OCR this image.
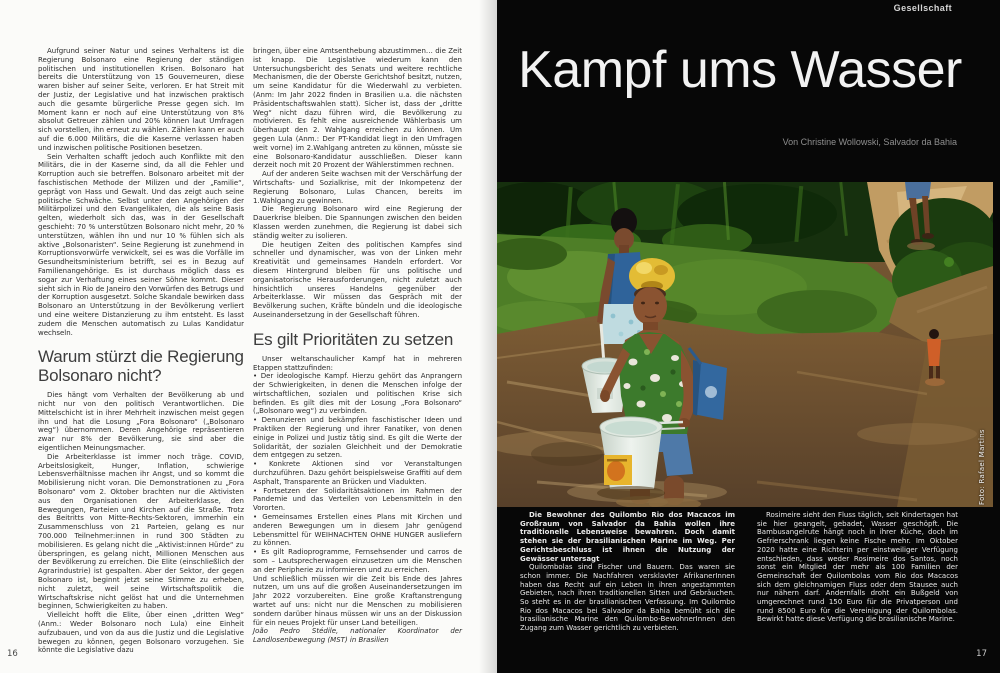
Aufgrund seiner Natur und seines Verhaltens ist die Regierung Bolsonaro eine Regierung der ständigen politischen und institutionellen Krisen. Bolsonaro hat bereits die Unterstützung von 15 Gouverneuren, diese waren bisher auf seiner Seite, verloren. Er hat Streit mit der Justiz, der Legislative und hat inzwischen praktisch auch die gesamte bürgerliche Presse gegen sich. Im Moment kann er noch auf eine Unterstützung von 8% absolut Getreuer zählen und 20% können laut Umfragen sich vorstellen, ihn erneut zu wählen. Zählen kann er auch auf die 6.000 Militärs, die die Kaserne verlassen haben und inzwischen politische Positionen besetzen.

Sein Verhalten schafft jedoch auch Konflikte mit den Militärs, die in der Kaserne sind, da all die Fehler und Korruption auch sie betreffen. Bolsonaro arbeitet mit der faschistischen Methode der Milizen und der „Familie“, geprägt von Hass und Gewalt. Und das zeigt auch seine politische Schwäche. Selbst unter den Angehörigen der Militärpolizei und den Evangelikalen, die als seine Basis gelten, wiederholt sich das, was in der Gesellschaft geschieht: 70 % unterstützen Bolsonaro nicht mehr, 20 % unterstützen, wählen ihn und nur 10 % fühlen sich als aktive „Bolsonaristen“. Seine Regierung ist zunehmend in Korruptionsvorwürfe verwickelt, sei es was die Vorfälle im Gesundheitsministerium betrifft, sei es in Bezug auf Familienangehörige. Es ist durchaus möglich dass es sogar zur Verhaftung eines seiner Söhne kommt. Dieser sieht sich in Rio de Janeiro den Vorwürfen des Betrugs und der Korruption ausgesetzt. Solche Skandale bewirken dass Bolsonaro an Unterstützung in der Bevölkerung verliert und eine weitere Distanzierung zu ihm entsteht. Es lasst zudem die Menschen automatisch zu Lulas Kandidatur wechseln.

Warum stürzt die Regierung Bolsonaro nicht?

Dies hängt vom Verhalten der Bevölkerung ab und nicht nur von den politisch Verantwortlichen. Die Mittelschicht ist in ihrer Mehrheit inzwischen meist gegen ihn und hat die Losung „Fora Bolsonaro“ („Bolsonaro weg“) übernommen. Deren Angehörige repräsentieren zwar nur 8% der Bevölkerung, sie sind aber die eigentlichen Meinungsmacher.

Die Arbeiterklasse ist immer noch träge. COVID, Arbeitslosigkeit, Hunger, Inflation, schwierige Lebensverhältnisse machen ihr Angst, und so kommt die Mobilisierung nicht voran. Die Demonstrationen zu „Fora Bolsonaro“ vom 2. Oktober brachten nur die Aktivisten aus den Organisationen der Arbeiterklasse, den Bewegungen, Parteien und Kirchen auf die Straße. Trotz des Beitritts von Mitte-Rechts-Sektoren, immerhin ein Zusammenschluss von 21 Parteien, gelang es nur 700.000 Teilnehmer:innen in rund 300 Städten zu mobilisieren. Es gelang nicht die „Aktivist:innen Hürde“ zu überspringen, es gelang nicht, Millionen Menschen aus der Bevölkerung zu erreichen. Die Elite (einschließlich der Agrarindustrie) ist gespalten. Aber der Sektor, der gegen Bolsonaro ist, beginnt jetzt seine Stimme zu erheben, nicht zuletzt, weil seine Wirtschaftspolitik die Wirtschaftskrise nicht gelöst hat und die Unternehmen beginnen, Schwierigkeiten zu haben.

Vielleicht hofft die Elite, über einen „dritten Weg“ (Anm.: Weder Bolsonaro noch Lula) eine Einheit aufzubauen, und von da aus die Justiz und die Legislative bewegen zu können, gegen Bolsonaro vorzugehen. Sie könnte die Legislative dazu

bringen, über eine Amtsenthebung abzustimmen… die Zeit ist knapp. Die Legislative wiederum kann den Untersuchungsbericht des Senats und weitere rechtliche Mechanismen, die der Oberste Gerichtshof besitzt, nutzen, um seine Kandidatur für die Wiederwahl zu verbieten. (Anm: Im Jahr 2022 finden in Brasilien u.a. die nächsten Präsidentschaftswahlen statt). Sicher ist, dass der „dritte Weg“ nicht dazu führen wird, die Bevölkerung zu motivieren. Es fehlt eine ausreichende Wählerbasis um überhaupt den 2. Wahlgang erreichen zu können. Um gegen Lula (Anm.: Der PT-Kandidat liegt in den Umfragen weit vorne) im 2.Wahlgang antreten zu können, müsste sie eine Bolsonaro-Kandidatur ausschließen. Dieser kann derzeit noch mit 20 Prozent der Wählerstimmen rechnen.

Auf der anderen Seite wachsen mit der Verschärfung der Wirtschafts- und Sozialkrise, mit der Inkompetenz der Regierung Bolsonaro, Lulas Chancen, bereits im 1.Wahlgang zu gewinnen.

Die Regierung Bolsonaro wird eine Regierung der Dauerkrise bleiben. Die Spannungen zwischen den beiden Klassen werden zunehmen, die Regierung ist dabei sich ständig weiter zu isolieren.

Die heutigen Zeiten des politischen Kampfes sind schneller und dynamischer, was von der Linken mehr Kreativität und gemeinsames Handeln erfordert. Vor diesem Hintergrund bleiben für uns politische und organisatorische Herausforderungen, nicht zuletzt auch hinsichtlich unseres Handelns gegenüber der Arbeiterklasse. Wir müssen das Gespräch mit der Bevölkerung suchen, Kräfte bündeln und die ideologische Auseinandersetzung in der Gesellschaft führen.

Es gilt Prioritäten zu setzen

Unser weltanschaulicher Kampf hat in mehreren Etappen stattzufinden:

• Der ideologische Kampf. Hierzu gehört das Anprangern der Schwierigkeiten, in denen die Menschen infolge der wirtschaftlichen, sozialen und politischen Krise sich befinden. Es gilt dies mit der Losung „Fora Bolsonaro“ („Bolsonaro weg“) zu verbinden.

• Denunzieren und bekämpfen faschistischer Ideen und Praktiken der Regierung und ihrer Fanatiker, von denen einige in Polizei und Justiz tätig sind. Es gilt die Werte der Solidarität, der sozialen Gleichheit und der Demokratie dem entgegen zu setzen.

• Konkrete Aktionen sind vor Veranstaltungen durchzuführen. Dazu gehört beispielsweise Graffiti auf dem Asphalt, Transparente an Brücken und Viadukten.

• Fortsetzen der Solidaritätsaktionen im Rahmen der Pandemie und das Verteilen von Lebensmitteln in den Vororten.

• Gemeinsames Erstellen eines Plans mit Kirchen und anderen Bewegungen um in diesem Jahr genügend Lebensmittel für WEIHNACHTEN OHNE HUNGER ausliefern zu können.

• Es gilt Radioprogramme, Fernsehsender und carros de som – Lautsprecherwagen einzusetzen um die Menschen an der Peripherie zu informieren und zu erreichen.

Und schließlich müssen wir die Zeit bis Ende des Jahres nutzen, um uns auf die großen Auseinandersetzungen im Jahr 2022 vorzubereiten. Eine große Kraftanstrengung wartet auf uns: nicht nur die Menschen zu mobilisieren sondern darüber hinaus müssen wir uns an der Diskussion für ein neues Projekt für unser Land beteiligen.

João Pedro Stédile, nationaler Koordinator der Landlosenbewegung (MST) in Brasilien

16
Gesellschaft
Kampf ums Wasser
Von Christine Wollowski, Salvador da Bahia
Foto: Rafael Martins

Die Bewohner des Quilombo Rio dos Macacos im Großraum von Salvador da Bahia wollen ihre traditionelle Lebensweise bewahren. Doch damit stehen sie der brasilianischen Marine im Weg. Per Gerichtsbeschluss ist ihnen die Nutzung der Gewässer untersagt

Quilombolas sind Fischer und Bauern. Das waren sie schon immer. Die Nachfahren versklavter AfrikanerInnen haben das Recht auf ein Leben in ihren angestammten Gebieten, nach ihren traditionellen Sitten und Gebräuchen. So steht es in der brasilianischen Verfassung. Im Quilombo Rio dos Macacos bei Salvador da Bahia bemüht sich die brasilianische Marine den Quilombo-BewohnerInnen den Zugang zum Wasser gerichtlich zu verbieten.

Rosimeire sieht den Fluss täglich, seit Kindertagen hat sie hier geangelt, gebadet, Wasser geschöpft. Die Bambusangelrute hängt noch in ihrer Küche, doch im Gefrierschrank liegen keine Fische mehr. Im Oktober 2020 hatte eine Richterin per einstweiliger Verfügung entschieden, dass weder Rosimeire dos Santos, noch sonst ein Mitglied der mehr als 100 Familien der Gemeinschaft der Quilombolas vom Rio dos Macacos sich dem gleichnamigen Fluss oder dem Stausee auch nur nähern darf. Andernfalls droht ein Bußgeld von umgerechnet rund 150 Euro für die Privatperson und rund 8500 Euro für die Vereinigung der Quilombolas. Bewirkt hatte diese Verfügung die brasilianische Marine.

17
